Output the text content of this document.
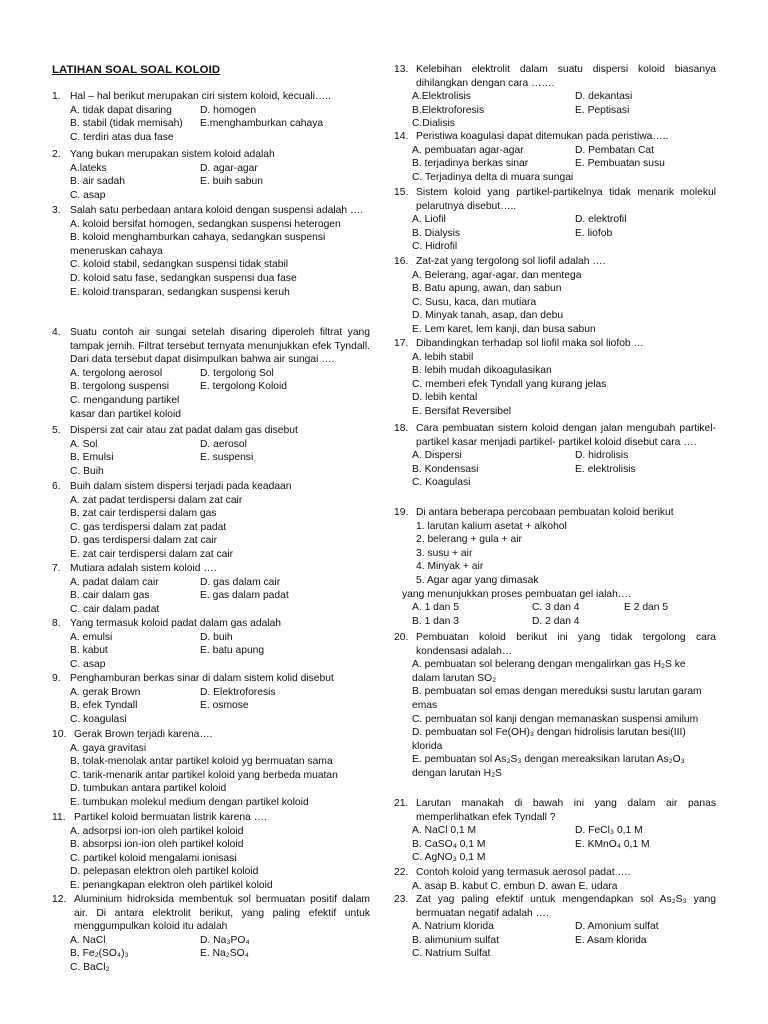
LATIHAN SOAL SOAL KOLOID
1. Hal – hal berikut merupakan ciri sistem koloid, kecuali…..
A. tidak dapat disaring	D. homogen
B. stabil (tidak memisah)	E.menghamburkan cahaya
C. terdiri atas dua fase
2. Yang bukan merupakan sistem koloid adalah
A.lateks	D. agar-agar
B. air sadah	E. buih sabun
C. asap
3. Salah satu perbedaan antara koloid dengan suspensi adalah ….
A. koloid bersifat homogen, sedangkan suspensi heterogen
B. koloid menghamburkan cahaya, sedangkan suspensi meneruskan cahaya
C. koloid stabil, sedangkan suspensi tidak stabil
D. koloid satu fase, sedangkan suspensi dua fase
E. koloid transparan, sedangkan suspensi keruh
4. Suatu contoh air sungai setelah disaring diperoleh filtrat yang tampak jernih. Filtrat tersebut ternyata menunjukkan efek Tyndall. Dari data tersebut dapat disimpulkan bahwa air sungai ….
A. tergolong aerosol	D. tergolong Sol
B. tergolong suspensi	E. tergolong Koloid
C. mengandung partikel kasar dan partikel koloid
5. Dispersi zat cair atau zat padat dalam gas disebut
A. Sol	D. aerosol
B. Emulsi	E. suspensi
C. Buih
6. Buih dalam sistem dispersi terjadi pada keadaan
A. zat padat terdispersi dalam zat cair
B. zat cair terdispersi dalam gas
C. gas terdispersi dalam zat padat
D. gas terdispersi dalam zat cair
E. zat cair terdispersi dalam zat cair
7. Mutiara adalah sistem koloid ….
A. padat dalam cair	D. gas dalam cair
B. cair dalam gas	E. gas dalam padat
C. cair dalam padat
8. Yang termasuk koloid padat dalam gas adalah
A. emulsi	D. buih
B. kabut	E. batu apung
C. asap
9. Penghamburan berkas sinar di dalam sistem kolid disebut
A. gerak Brown	D. Elektroforesis
B. efek Tyndall	E. osmose
C. koagulasi
10. Gerak Brown terjadi karena….
A. gaya gravitasi
B. tolak-menolak antar partikel koloid yg bermuatan sama
C. tarik-menarik antar partikel koloid yang berbeda muatan
D. tumbukan antara partikel koloid
E. tumbukan molekul medium dengan partikel koloid
11. Partikel koloid bermuatan listrik karena ….
A. adsorpsi ion-ion oleh partikel koloid
B. absorpsi ion-ion oleh partikel koloid
C. partikel koloid mengalami ionisasi
D. pelepasan elektron oleh partikel koloid
E. penangkapan elektron oleh partikel koloid
12. Aluminium hidroksida membentuk sol bermuatan positif dalam air. Di antara elektrolit berikut, yang paling efektif untuk menggumpulkan koloid itu adalah
A. NaCl	D. Na₃PO₄
B. Fe₂(SO₄)₃	E. Na₂SO₄
C. BaCl₂
13. Kelebihan elektrolit dalam suatu dispersi koloid biasanya dihilangkan dengan cara …….
A.Elektrolisis	D. dekantasi
B.Elektroforesis	E. Peptisasi
C.Dialisis
14. Peristiwa koagulasi dapat ditemukan pada peristiwa…..
A. pembuatan agar-agar	D. Pembatan Cat
B. terjadinya berkas sinar	E. Pembuatan susu
C. Terjadinya delta di muara sungai
15. Sistem koloid yang partikel-partikelnya tidak menarik molekul pelarutnya disebut…..
A. Liofil	D. elektrofil
B. Dialysis	E. liofob
C. Hidrofil
16. Zat-zat yang tergolong sol liofil adalah ….
A. Belerang, agar-agar, dan mentega
B. Batu apung, awan, dan sabun
C. Susu, kaca, dan mutiara
D. Minyak tanah, asap, dan debu
E. Lem karet, lem kanji, dan busa sabun
17. Dibandingkan terhadap sol liofil maka sol liofob …
A. lebih stabil
B. lebih mudah dikoagulasikan
C. memberi efek Tyndall yang kurang jelas
D. lebih kental
E. Bersifat Reversibel
18. Cara pembuatan sistem koloid dengan jalan mengubah partikel-partikel kasar menjadi partikel- partikel koloid disebut cara ….
A. Dispersi	D. hidrolisis
B. Kondensasi	E. elektrolisis
C. Koagulasi
19. Di antara beberapa percobaan pembuatan koloid berikut
1. larutan kalium asetat + alkohol
2. belerang + gula + air
3. susu + air
4. Minyak + air
5. Agar agar yang dimasak
yang menunjukkan proses pembuatan gel ialah….
A. 1 dan 5	C. 3 dan 4	E 2 dan 5
B. 1 dan 3	D. 2 dan 4
20. Pembuatan koloid berikut ini yang tidak tergolong cara kondensasi adalah…
A. pembuatan sol belerang dengan mengalirkan gas H₂S ke dalam larutan SO₂
B. pembuatan sol emas dengan mereduksi sustu larutan garam emas
C. pembuatan sol kanji dengan memanaskan suspensi amilum
D. pembuatan sol Fe(OH)₃ dengan hidrolisis larutan besi(III) klorida
E. pembuatan sol As₂S₃ dengan mereaksikan larutan As₂O₃ dengan larutan H₂S
21. Larutan manakah di bawah ini yang dalam air panas memperlihatkan efek Tyndall ?
A. NaCl 0,1 M	D. FeCl₃ 0,1 M
B. CaSO₄ 0,1 M	E. KMnO₄ 0,1 M
C. AgNO₃ 0,1 M
22. Contoh koloid yang termasuk aerosol padat ….
A. asap B. kabut C. embun D. awan E. udara
23. Zat yag paling efektif untuk mengendapkan sol As₂S₃ yang bermuatan negatif adalah ….
A. Natrium klorida	D. Amonium sulfat
B. alimunium sulfat	E. Asam klorida
C. Natrium Sulfat
